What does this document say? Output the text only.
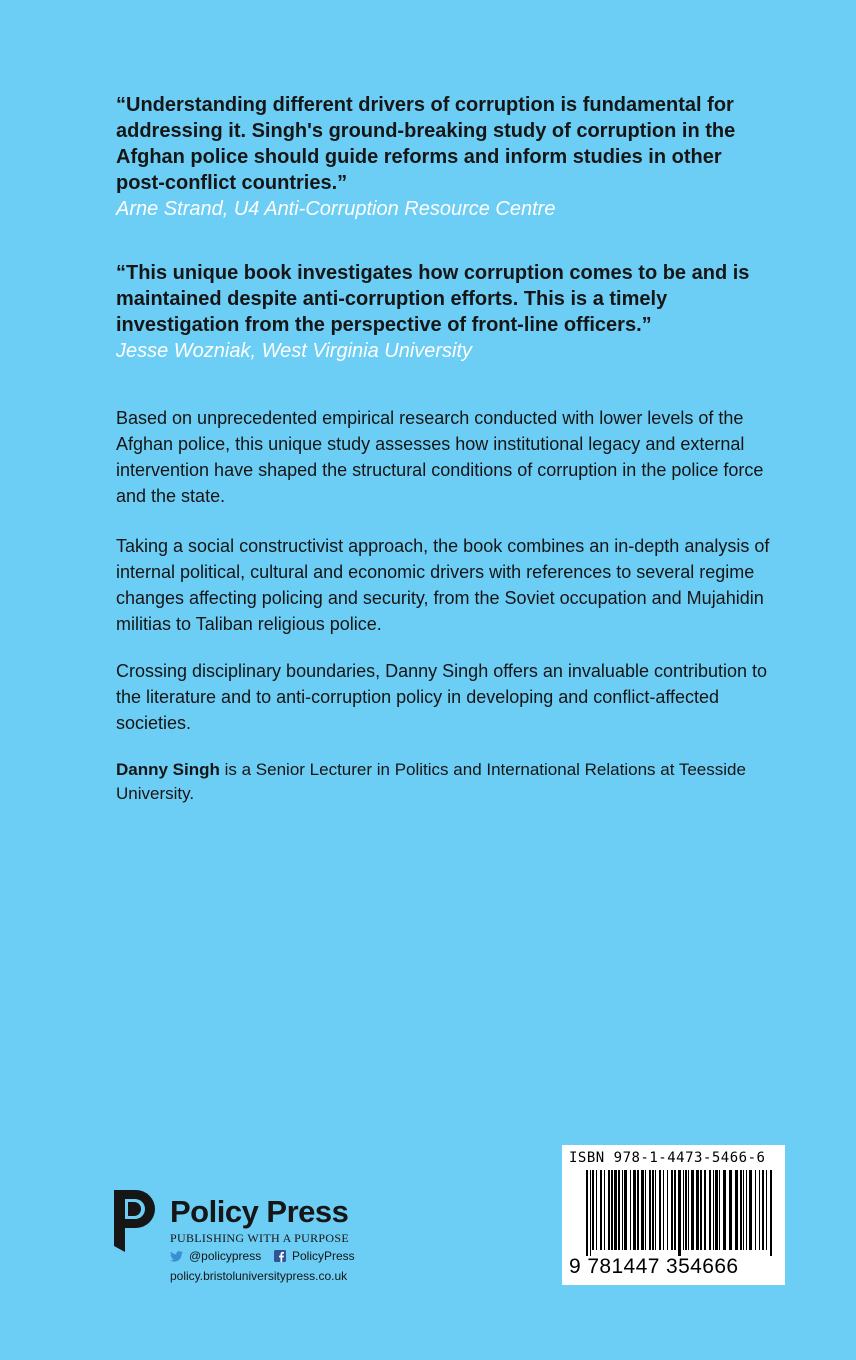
“Understanding different drivers of corruption is fundamental for addressing it. Singh's ground-breaking study of corruption in the Afghan police should guide reforms and inform studies in other post-conflict countries.”

Arne Strand, U4 Anti-Corruption Resource Centre

“This unique book investigates how corruption comes to be and is maintained despite anti-corruption efforts. This is a timely investigation from the perspective of front-line officers.”

Jesse Wozniak, West Virginia University

Based on unprecedented empirical research conducted with lower levels of the Afghan police, this unique study assesses how institutional legacy and external intervention have shaped the structural conditions of corruption in the police force and the state.

Taking a social constructivist approach, the book combines an in-depth analysis of internal political, cultural and economic drivers with references to several regime changes affecting policing and security, from the Soviet occupation and Mujahidin militias to Taliban religious police.

Crossing disciplinary boundaries, Danny Singh offers an invaluable contribution to the literature and to anti-corruption policy in developing and conflict-affected societies.

Danny Singh is a Senior Lecturer in Politics and International Relations at Teesside University.

Policy Press
PUBLISHING WITH A PURPOSE
@policypress	PolicyPress
policy.bristoluniversitypress.co.uk
ISBN 978-1-4473-5466-6
9 781447 354666
